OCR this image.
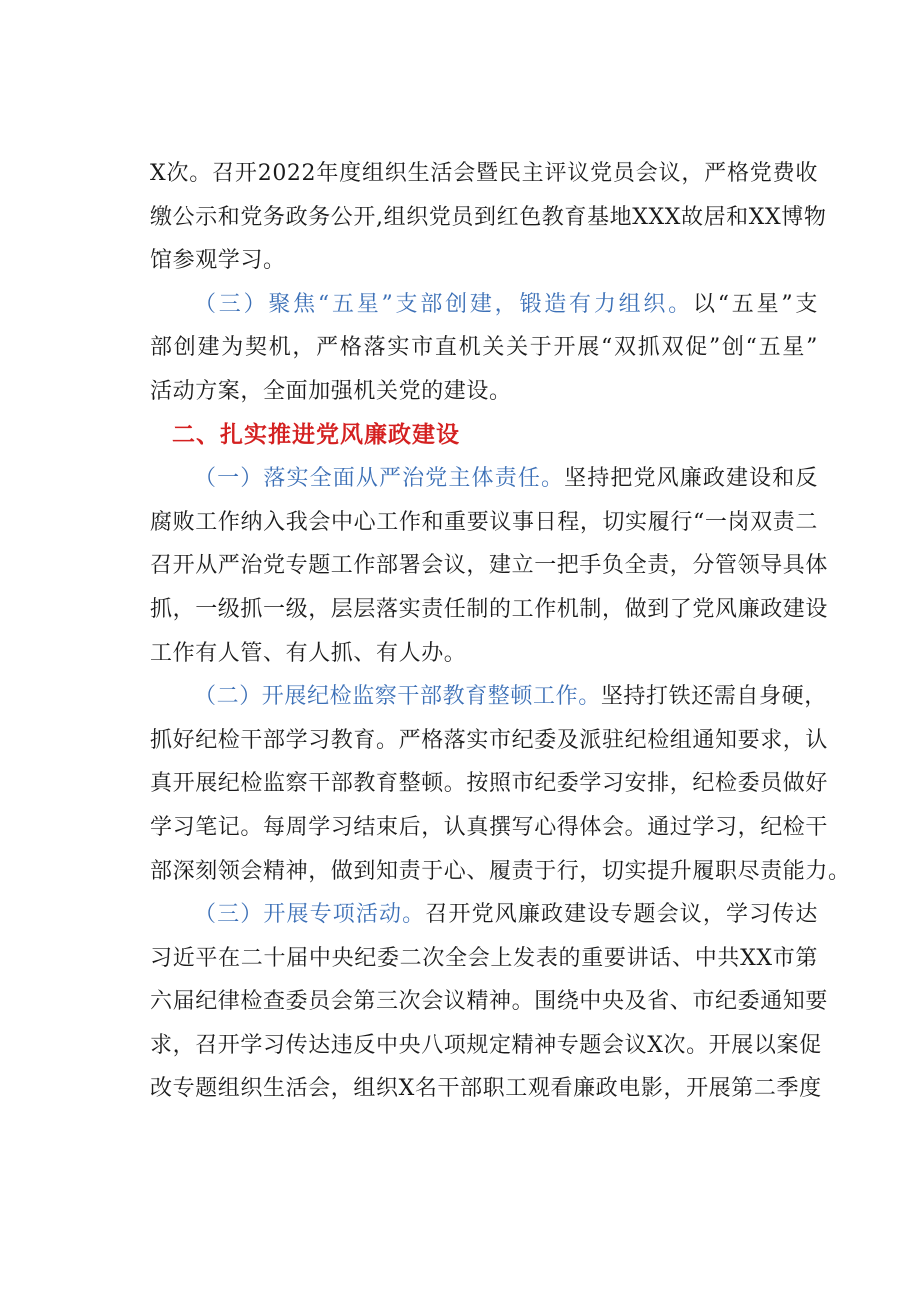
X次。召开2022年度组织生活会暨民主评议党员会议，严格党费收
缴公示和党务政务公开,组织党员到红色教育基地XXX故居和XX博物
馆参观学习。
（三）聚焦“五星”支部创建，锻造有力组织。以“五星”支
部创建为契机，严格落实市直机关关于开展“双抓双促”创“五星”
活动方案，全面加强机关党的建设。
二、扎实推进党风廉政建设
（一）落实全面从严治党主体责任。坚持把党风廉政建设和反
腐败工作纳入我会中心工作和重要议事日程，切实履行“一岗双责二
召开从严治党专题工作部署会议，建立一把手负全责，分管领导具体
抓，一级抓一级，层层落实责任制的工作机制，做到了党风廉政建设
工作有人管、有人抓、有人办。
（二）开展纪检监察干部教育整顿工作。坚持打铁还需自身硬，
抓好纪检干部学习教育。严格落实市纪委及派驻纪检组通知要求，认
真开展纪检监察干部教育整顿。按照市纪委学习安排，纪检委员做好
学习笔记。每周学习结束后，认真撰写心得体会。通过学习，纪检干
部深刻领会精神，做到知责于心、履责于行，切实提升履职尽责能力。
（三）开展专项活动。召开党风廉政建设专题会议，学习传达
习近平在二十届中央纪委二次全会上发表的重要讲话、中共XX市第
六届纪律检查委员会第三次会议精神。围绕中央及省、市纪委通知要
求，召开学习传达违反中央八项规定精神专题会议X次。开展以案促
改专题组织生活会，组织X名干部职工观看廉政电影，开展第二季度
